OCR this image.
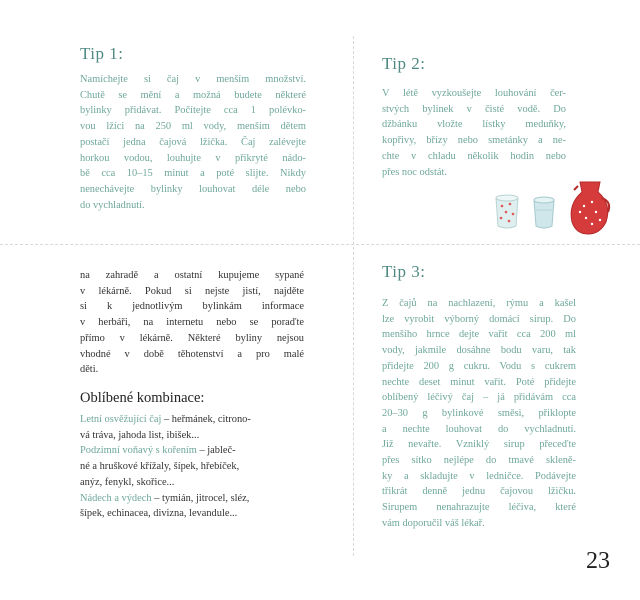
Tip 1:
Namíchejte si čaj v menším množství.
Chutě se mění a možná budete některé
bylinky přidávat. Počítejte cca 1 polévko-
vou lžíci na 250 ml vody, menším dětem
postačí jedna čajová lžička. Čaj zalévejte
horkou vodou, louhujte v přikryté nádo-
bě cca 10–15 minut a poté slijte. Nikdy
nenechávejte bylinky louhovat déle nebo
do vychladnutí.
Tip 2:
V létě vyzkoušejte louhování čer-
stvých bylinek v čisté vodě. Do
džbánku vložte lístky meduňky,
kopřivy, břízy nebo smetánky a ne-
chte v chladu několik hodin nebo
přes noc odstát.
na zahradě a ostatní kupujeme sypané
v lékárně. Pokud si nejste jistí, najděte
si k jednotlivým bylinkám informace
v herbáři, na internetu nebo se poraďte
přímo v lékárně. Některé byliny nejsou
vhodné v době těhotenství a pro malé
děti.
Oblíbené kombinace:
Letní osvěžující čaj – heřmánek, citrono-
vá tráva, jahoda list, ibišek...
Podzimní voňavý s kořením – jableč-
né a hruškové křížaly, šípek, hřebíček,
anýz, fenykl, skořice...
Nádech a výdech – tymián, jitrocel, sléz,
šípek, echinacea, divizna, levandule...
Tip 3:
Z čajů na nachlazení, rýmu a kašel
lze vyrobit výborný domácí sirup. Do
menšího hrnce dejte vařit cca 200 ml
vody, jakmile dosáhne bodu varu, tak
přidejte 200 g cukru. Vodu s cukrem
nechte deset minut vařit. Poté přidejte
oblíbený léčivý čaj – já přidávám cca
20–30 g bylinkové směsi, přiklopte
a nechte louhovat do vychladnutí.
Již nevařte. Vzniklý sirup přeceďte
přes sítko nejlépe do tmavé skleně-
ky a skladujte v ledničce. Podávejte
třikrát denně jednu čajovou lžičku.
Sirupem nenahrazujte léčiva, které
vám doporučil váš lékař.
23
